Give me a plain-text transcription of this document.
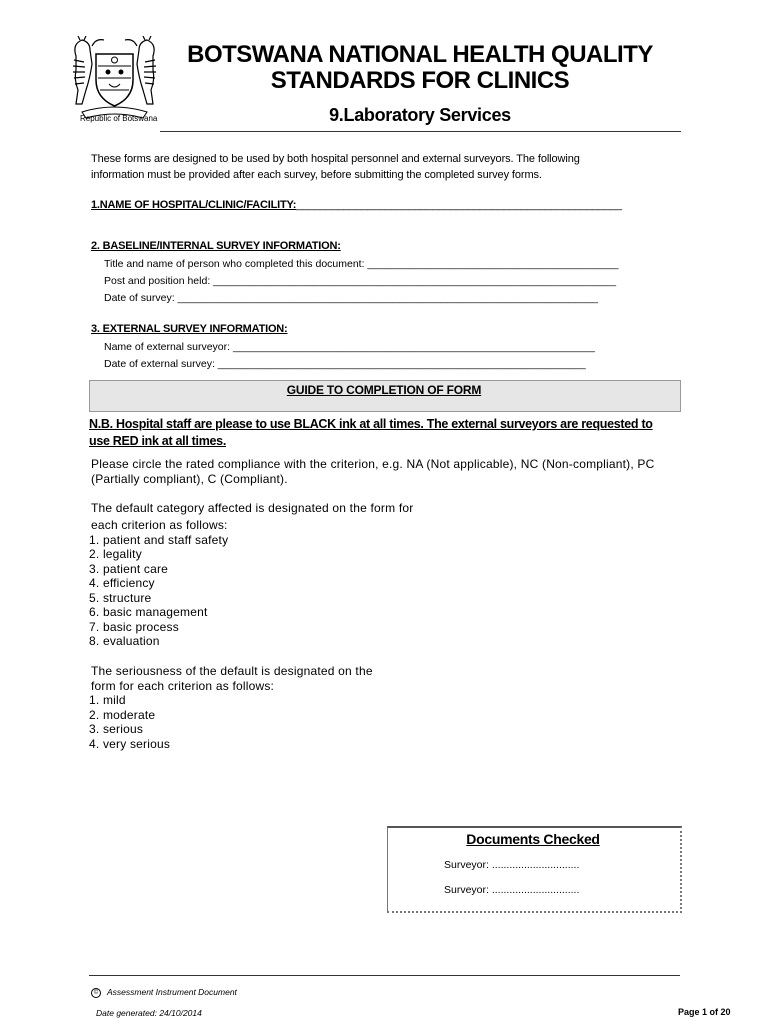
Republic of Botswana
BOTSWANA NATIONAL HEALTH QUALITY
STANDARDS FOR CLINICS
9.Laboratory Services
These forms are designed to be used by both hospital personnel and external surveyors. The following
information must be provided after each survey, before submitting the completed survey forms.
1.NAME OF HOSPITAL/CLINIC/FACILITY:_______________________________________________________
2. BASELINE/INTERNAL SURVEY INFORMATION:
Title and name of person who completed this document: ___________________________________________
Post and position held: _____________________________________________________________________
Date of survey: ________________________________________________________________________
3. EXTERNAL SURVEY INFORMATION:
Name of external surveyor: ______________________________________________________________
Date of external survey: _______________________________________________________________
GUIDE TO COMPLETION OF FORM
N.B. Hospital staff are please to use BLACK ink at all times. The external surveyors are requested to
use RED ink at all times.
Please circle the rated compliance with the criterion, e.g. NA (Not applicable), NC (Non-compliant), PC
(Partially compliant), C (Compliant).
The default category affected is designated on the form for
each criterion as follows:
1. patient and staff safety
2. legality
3. patient care
4. efficiency
5. structure
6. basic management
7. basic process
8. evaluation
The seriousness of the default is designated on the
form for each criterion as follows:
1. mild
2. moderate
3. serious
4. very serious
Documents Checked
Surveyor: ..............................
Surveyor: ..............................
© Assessment Instrument Document
Date generated: 24/10/2014	Page 1 of 20
